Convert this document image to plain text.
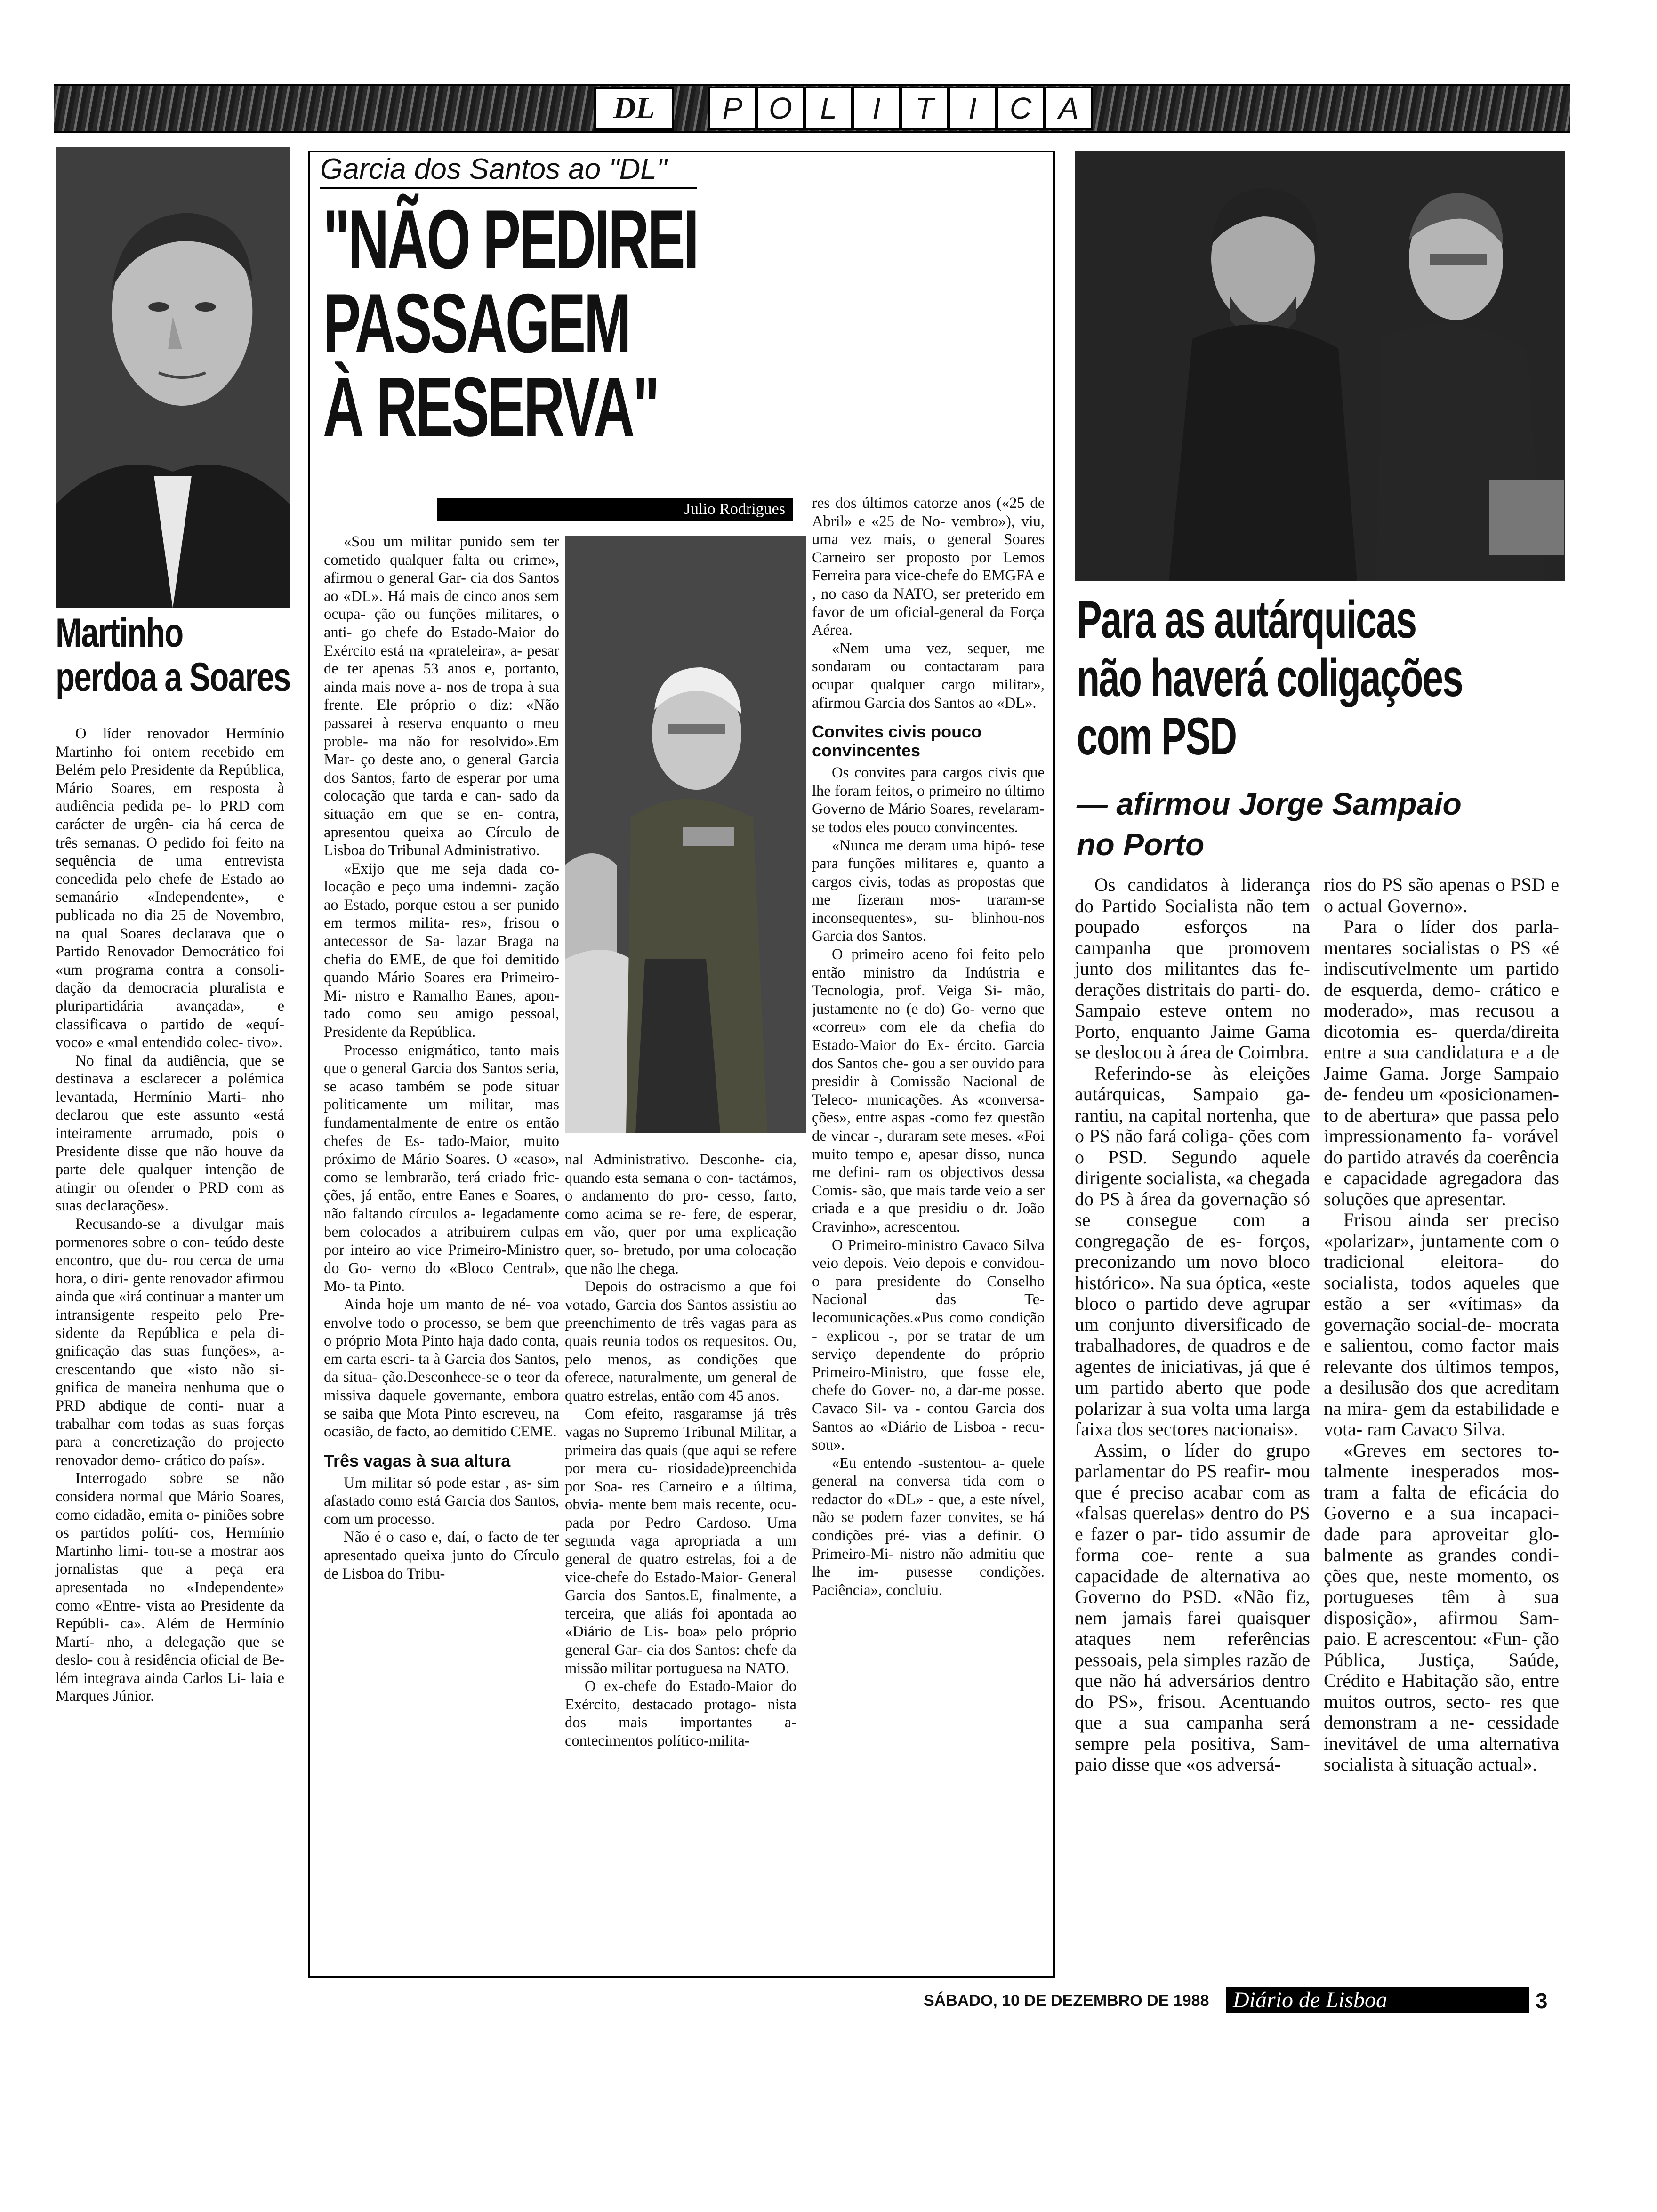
DL	P O L	I	T	I	C A
Martinho
perdoa a Soares

O líder renovador Hermínio Martinho foi ontem recebido em Belém pelo Presidente da República, Mário Soares, em resposta à audiência pedida pe- lo PRD com carácter de urgên- cia há cerca de três semanas. O pedido foi feito na sequência de uma entrevista concedida pelo chefe de Estado ao semanário «Independente», e publicada no dia 25 de Novembro, na qual Soares declarava que o Partido Renovador Democrático foi «um programa contra a consoli- dação da democracia pluralista e pluripartidária avançada», e classificava o partido de «equí- voco» e «mal entendido colec- tivo».

No final da audiência, que se destinava a esclarecer a polémica levantada, Hermínio Marti- nho declarou que este assunto «está inteiramente arrumado, pois o Presidente disse que não houve da parte dele qualquer intenção de atingir ou ofender o PRD com as suas declarações».

Recusando-se a divulgar mais pormenores sobre o con- teúdo deste encontro, que du- rou cerca de uma hora, o diri- gente renovador afirmou ainda que «irá continuar a manter um intransigente respeito pelo Pre- sidente da República e pela di- gnificação das suas funções», a- crescentando que «isto não si- gnifica de maneira nenhuma que o PRD abdique de conti- nuar a trabalhar com todas as suas forças para a concretização do projecto renovador demo- crático do país».

Interrogado sobre se não considera normal que Mário Soares, como cidadão, emita o- piniões sobre os partidos políti- cos, Hermínio Martinho limi- tou-se a mostrar aos jornalistas que a peça era apresentada no «Independente» como «Entre- vista ao Presidente da Repúbli- ca». Além de Hermínio Martí- nho, a delegação que se deslo- cou à residência oficial de Be- lém integrava ainda Carlos Li- laia e Marques Júnior.

Garcia dos Santos ao "DL"
"NÃO PEDIREI
PASSAGEM
À RESERVA"
Julio Rodrigues

«Sou um militar punido sem ter cometido qualquer falta ou crime», afirmou o general Gar- cia dos Santos ao «DL». Há mais de cinco anos sem ocupa- ção ou funções militares, o anti- go chefe do Estado-Maior do Exército está na «prateleira», a- pesar de ter apenas 53 anos e, portanto, ainda mais nove a- nos de tropa à sua frente. Ele próprio o diz: «Não passarei à reserva enquanto o meu proble- ma não for resolvido».Em Mar- ço deste ano, o general Garcia dos Santos, farto de esperar por uma colocação que tarda e can- sado da situação em que se en- contra, apresentou queixa ao Círculo de Lisboa do Tribunal Administrativo.

«Exijo que me seja dada co- locação e peço uma indemni- zação ao Estado, porque estou a ser punido em termos milita- res», frisou o antecessor de Sa- lazar Braga na chefia do EME, de que foi demitido quando Mário Soares era Primeiro-Mi- nistro e Ramalho Eanes, apon- tado como seu amigo pessoal, Presidente da República.

Processo enigmático, tanto mais que o general Garcia dos Santos seria, se acaso também se pode situar politicamente um militar, mas fundamentalmente de entre os então chefes de Es- tado-Maior, muito próximo de Mário Soares. O «caso», como se lembrarão, terá criado fric- ções, já então, entre Eanes e Soares, não faltando círculos a- legadamente bem colocados a atribuirem culpas por inteiro ao vice Primeiro-Ministro do Go- verno do «Bloco Central», Mo- ta Pinto.

Ainda hoje um manto de né- voa envolve todo o processo, se bem que o próprio Mota Pinto haja dado conta, em carta escri- ta à Garcia dos Santos, da situa- ção.Desconhece-se o teor da missiva daquele governante, embora se saiba que Mota Pinto escreveu, na ocasião, de facto, ao demitido CEME.

Três vagas à sua altura

Um militar só pode estar , as- sim afastado como está Garcia dos Santos, com um processo.

Não é o caso e, daí, o facto de ter apresentado queixa junto do Círculo de Lisboa do Tribu-

nal Administrativo. Desconhe- cia, quando esta semana o con- tactámos, o andamento do pro- cesso, farto, como acima se re- fere, de esperar, em vão, quer por uma explicação quer, so- bretudo, por uma colocação que não lhe chega.

Depois do ostracismo a que foi votado, Garcia dos Santos assistiu ao preenchimento de três vagas para as quais reunia todos os requesitos. Ou, pelo menos, as condições que oferece, naturalmente, um general de quatro estrelas, então com 45 anos.

Com efeito, rasgaramse já três vagas no Supremo Tribunal Militar, a primeira das quais (que aqui se refere por mera cu- riosidade)preenchida por Soa- res Carneiro e a última, obvia- mente bem mais recente, ocu- pada por Pedro Cardoso. Uma segunda vaga apropriada a um general de quatro estrelas, foi a de vice-chefe do Estado-Maior- General Garcia dos Santos.E, finalmente, a terceira, que aliás foi apontada ao «Diário de Lis- boa» pelo próprio general Gar- cia dos Santos: chefe da missão militar portuguesa na NATO.

O ex-chefe do Estado-Maior do Exército, destacado protago- nista dos mais importantes a- contecimentos político-milita-

res dos últimos catorze anos («25 de Abril» e «25 de No- vembro»), viu, uma vez mais, o general Soares Carneiro ser proposto por Lemos Ferreira para vice-chefe do EMGFA e , no caso da NATO, ser preterido em favor de um oficial-general da Força Aérea.

«Nem uma vez, sequer, me sondaram ou contactaram para ocupar qualquer cargo militar», afirmou Garcia dos Santos ao «DL».

Convites civis pouco convincentes

Os convites para cargos civis que lhe foram feitos, o primeiro no último Governo de Mário Soares, revelaram-se todos eles pouco convincentes.

«Nunca me deram uma hipó- tese para funções militares e, quanto a cargos civis, todas as propostas que me fizeram mos- traram-se inconsequentes», su- blinhou-nos Garcia dos Santos.

O primeiro aceno foi feito pelo então ministro da Indústria e Tecnologia, prof. Veiga Si- mão, justamente no (e do) Go- verno que «correu» com ele da chefia do Estado-Maior do Ex- ército. Garcia dos Santos che- gou a ser ouvido para presidir à Comissão Nacional de Teleco- municações. As «conversa- ções», entre aspas -como fez questão de vincar -, duraram sete meses. «Foi muito tempo e, apesar disso, nunca me defini- ram os objectivos dessa Comis- são, que mais tarde veio a ser criada e a que presidiu o dr. João Cravinho», acrescentou.

O Primeiro-ministro Cavaco Silva veio depois. Veio depois e convidou-o para presidente do Conselho Nacional das Te- lecomunicações.«Pus como condição - explicou -, por se tratar de um serviço dependente do próprio Primeiro-Ministro, que fosse ele, chefe do Gover- no, a dar-me posse. Cavaco Sil- va - contou Garcia dos Santos ao «Diário de Lisboa - recu- sou».

«Eu entendo -sustentou- a- quele general na conversa tida com o redactor do «DL» - que, a este nível, não se podem fazer convites, se há condições pré- vias a definir. O Primeiro-Mi- nistro não admitiu que lhe im- pusesse condições. Paciência», concluiu.

Para as autárquicas
não haverá coligações
com PSD
— afirmou Jorge Sampaio
no Porto

Os candidatos à liderança do Partido Socialista não tem poupado esforços na campanha que promovem junto dos militantes das fe- derações distritais do parti- do. Sampaio esteve ontem no Porto, enquanto Jaime Gama se deslocou à área de Coimbra.

Referindo-se às eleições autárquicas, Sampaio ga- rantiu, na capital nortenha, que o PS não fará coliga- ções com o PSD. Segundo aquele dirigente socialista, «a chegada do PS à área da governação só se consegue com a congregação de es- forços, preconizando um novo bloco histórico». Na sua óptica, «este bloco o partido deve agrupar um conjunto diversificado de trabalhadores, de quadros e de agentes de iniciativas, já que é um partido aberto que pode polarizar à sua volta uma larga faixa dos sectores nacionais».

Assim, o líder do grupo parlamentar do PS reafir- mou que é preciso acabar com as «falsas querelas» dentro do PS e fazer o par- tido assumir de forma coe- rente a sua capacidade de alternativa ao Governo do PSD. «Não fiz, nem jamais farei quaisquer ataques nem referências pessoais, pela simples razão de que não há adversários dentro do PS», frisou. Acentuando que a sua campanha será sempre pela positiva, Sam- paio disse que «os adversá-

rios do PS são apenas o PSD e o actual Governo».

Para o líder dos parla- mentares socialistas o PS «é indiscutívelmente um partido de esquerda, demo- crático e moderado», mas recusou a dicotomia es- querda/direita entre a sua candidatura e a de Jaime Gama. Jorge Sampaio de- fendeu um «posicionamen- to de abertura» que passa pelo impressionamento fa- vorável do partido através da coerência e capacidade agregadora das soluções que apresentar.

Frisou ainda ser preciso «polarizar», juntamente com o tradicional eleitora- do socialista, todos aqueles que estão a ser «vítimas» da governação social-de- mocrata e salientou, como factor mais relevante dos últimos tempos, a desilusão dos que acreditam na mira- gem da estabilidade e vota- ram Cavaco Silva.

«Greves em sectores to- talmente inesperados mos- tram a falta de eficácia do Governo e a sua incapaci- dade para aproveitar glo- balmente as grandes condi- ções que, neste momento, os portugueses têm à sua disposição», afirmou Sam- paio. E acrescentou: «Fun- ção Pública, Justiça, Saúde, Crédito e Habitação são, entre muitos outros, secto- res que demonstram a ne- cessidade inevitável de uma alternativa socialista à situação actual».

SÁBADO, 10 DE DEZEMBRO DE 1988 Diário de Lisboa	3
